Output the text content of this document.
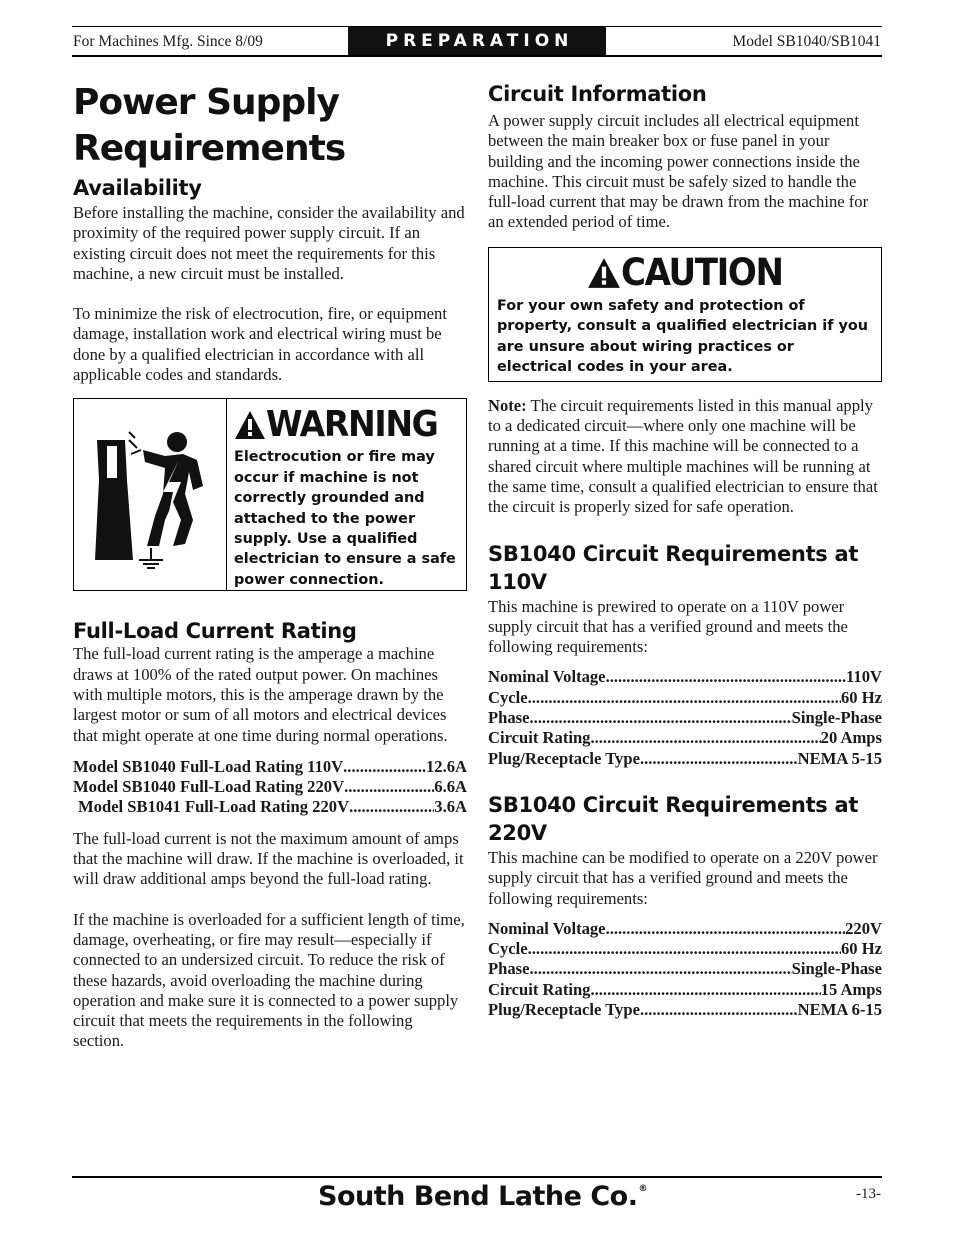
For Machines Mfg. Since 8/09	PREPARATION	Model SB1040/SB1041
Power Supply
Requirements
Availability

Before installing the machine, consider the availability and proximity of the required power supply circuit. If an existing circuit does not meet the requirements for this machine, a new circuit must be installed.

To minimize the risk of electrocution, fire, or equipment damage, installation work and electrical wiring must be done by a qualified electrician in accordance with all applicable codes and standards.

WARNING
Electrocution or fire may occur if machine is not correctly grounded and attached to the power supply. Use a qualified electrician to ensure a safe power connection.
Full-Load Current Rating

The full-load current rating is the amperage a machine draws at 100% of the rated output power. On machines with multiple motors, this is the amperage drawn by the largest motor or sum of all motors and electrical devices that might operate at one time during normal operations.

Model SB1040 Full-Load Rating 110V .....	12.6A
Model SB1040 Full-Load Rating 220V .....	6.6A
Model SB1041 Full-Load Rating 220V .....	3.6A

The full-load current is not the maximum amount of amps that the machine will draw. If the machine is overloaded, it will draw additional amps beyond the full-load rating.

If the machine is overloaded for a sufficient length of time, damage, overheating, or fire may result—especially if connected to an undersized circuit. To reduce the risk of these hazards, avoid overloading the machine during operation and make sure it is connected to a power supply circuit that meets the requirements in the following section.

Circuit Information

A power supply circuit includes all electrical equipment between the main breaker box or fuse panel in your building and the incoming power connections inside the machine. This circuit must be safely sized to handle the full-load current that may be drawn from the machine for an extended period of time.

CAUTION
For your own safety and protection of property, consult a qualified electrician if you are unsure about wiring practices or electrical codes in your area.

Note: The circuit requirements listed in this manual apply to a dedicated circuit—where only one machine will be running at a time. If this machine will be connected to a shared circuit where multiple machines will be running at the same time, consult a qualified electrician to ensure that the circuit is properly sized for safe operation.

SB1040 Circuit Requirements at
110V

This machine is prewired to operate on a 110V power supply circuit that has a verified ground and meets the following requirements:

Nominal Voltage .....	110V
Cycle .....	60 Hz
Phase .....	Single-Phase
Circuit Rating .....	20 Amps
Plug/Receptacle Type .....	NEMA 5-15
SB1040 Circuit Requirements at
220V

This machine can be modified to operate on a 220V power supply circuit that has a verified ground and meets the following requirements:

Nominal Voltage .....	220V
Cycle .....	60 Hz
Phase .....	Single-Phase
Circuit Rating .....	15 Amps
Plug/Receptacle Type .....	NEMA 6-15
South Bend Lathe Co.®	-13-
